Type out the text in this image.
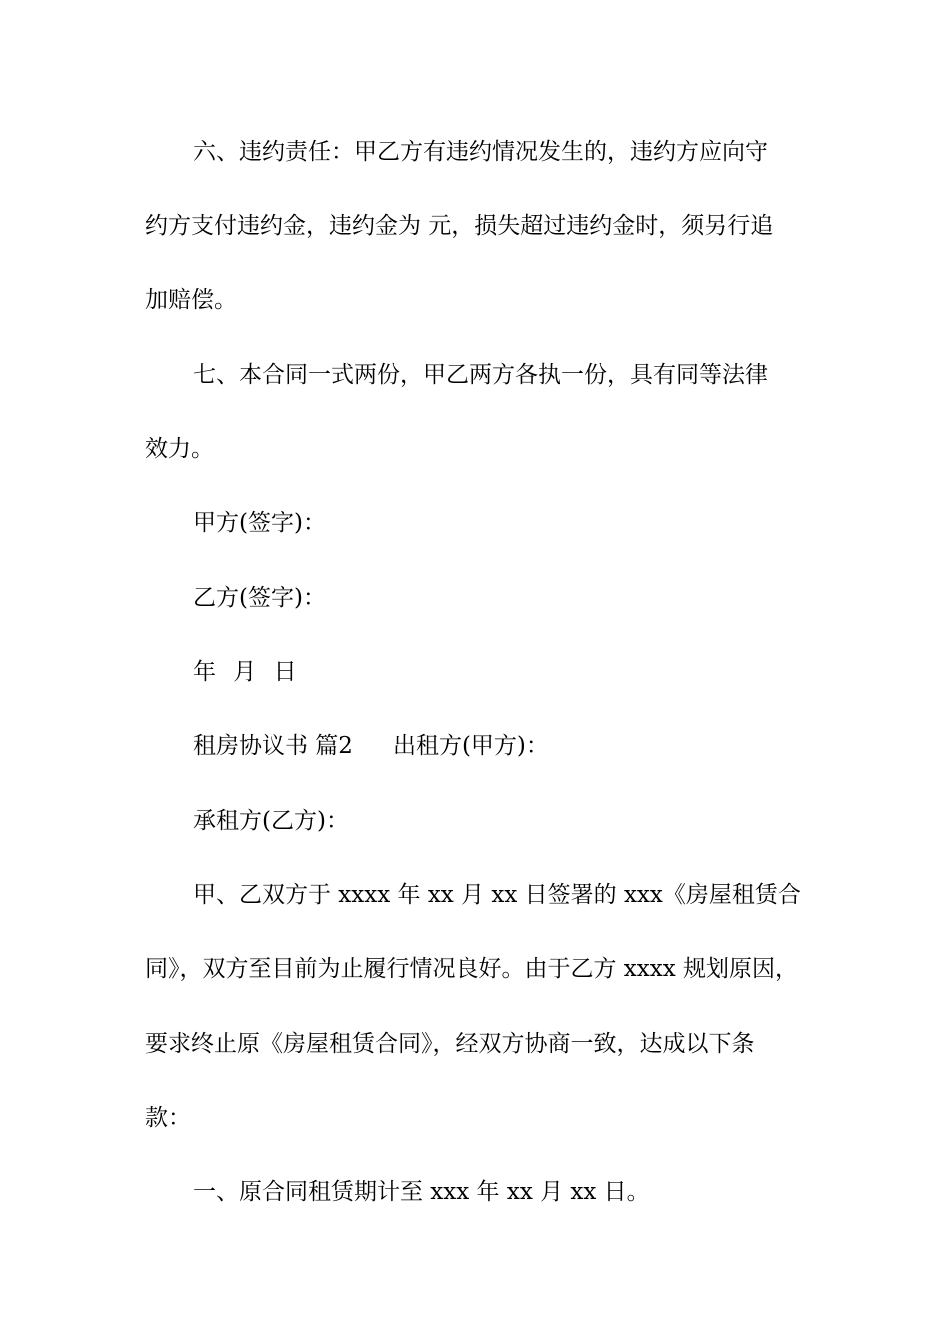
六、违约责任：甲乙方有违约情况发生的，违约方应向守
约方支付违约金，违约金为 元，损失超过违约金时，须另行追
加赔偿。
七、本合同一式两份，甲乙两方各执一份，具有同等法律
效力。
甲方(签字)：
乙方(签字)：
年 月 日
租房协议书 篇2 出租方(甲方)：
承租方(乙方)：
甲、乙双方于 xxxx 年 xx 月 xx 日签署的 xxx《房屋租赁合
同》，双方至目前为止履行情况良好。由于乙方 xxxx 规划原因，
要求终止原《房屋租赁合同》，经双方协商一致，达成以下条
款：
一、原合同租赁期计至 xxx 年 xx 月 xx 日。
